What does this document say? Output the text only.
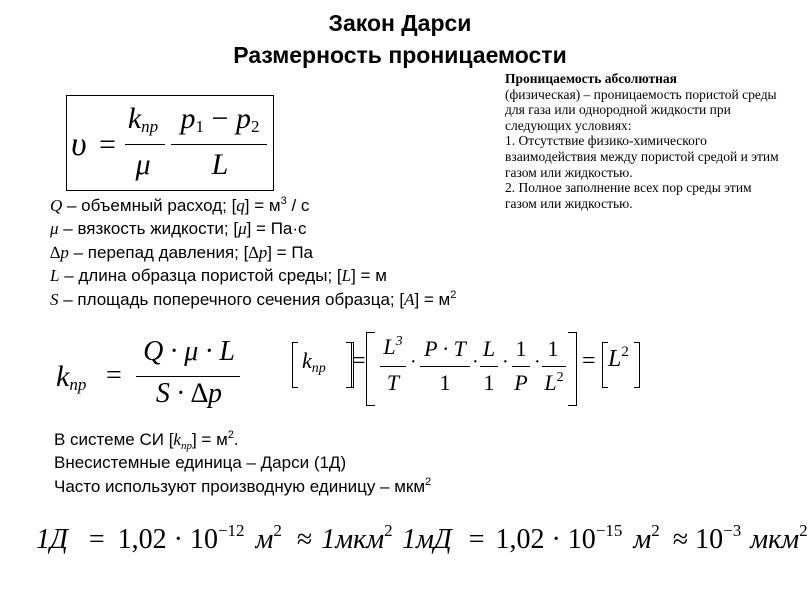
Закон Дарси
Размерность проницаемости
Проницаемость абсолютная
(физическая) – проницаемость пористой среды для газа или однородной жидкости при следующих условиях:
1. Отсутствие физико-химического взаимодействия между пористой средой и этим газом или жидкостью.
2. Полное заполнение всех пор среды этим газом или жидкостью.
υ =
$k_{пр}$
μ
$p_1 - p_2$
L
Q – объемный расход; $[q] = м^3 / с$
μ – вязкость жидкости; [μ] = Па·с
∆p – перепад давления; [∆p] = Па
L – длина образца пористой среды; [L] = м
S – площадь поперечного сечения образца; $[A] = м^2$
$k_{пр}$ =
Q · μ · L
S · ∆p
$k_{пр}$ =
$L^3$
T
·
P · T
1
·
L
1
·
1
P
·
1
$L^2$
= $L^2$
В системе СИ $[k_{пр}] = м^2$.
Внесистемные единица – Дарси (1Д)
Часто используют производную единицу – мкм$^2$
$1Д = 1,02 \cdot 10^{-12}$ $м^2 \approx 1мкм^2$ $1мД = 1,02 \cdot 10^{-15}$ $м^2 \approx 10^{-3}$ мкм$^2$
